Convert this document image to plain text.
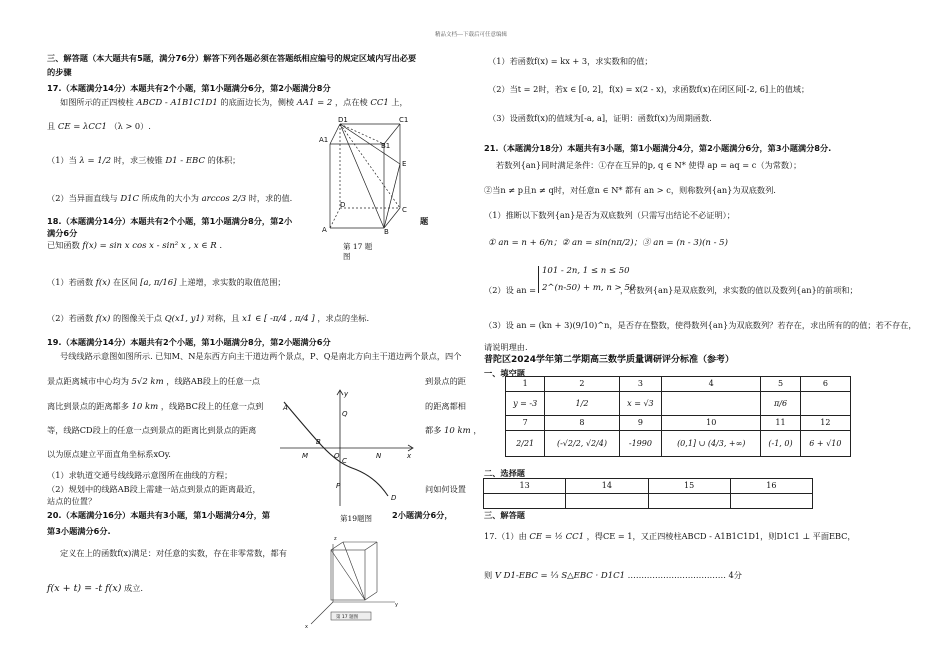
精品文档---下载后可任意编辑
三、解答题（本大题共有5题，满分76分）解答下列各题必须在答题纸相应编号的规定区域内写出必要
的步骤
17.（本题满分14分）本题共有2个小题，第1小题满分6分，第2小题满分8分
如图所示的正四棱柱 ABCD - A1B1C1D1 的底面边长为，侧棱 AA1 = 2 ，点在棱 CC1 上，
且 CE = λCC1 （λ > 0）.
（1）当 λ = 1/2 时，求三棱锥 D1 - EBC 的体积；
（2）当异面直线与 D1C 所成角的大小为 arccos 2/3 时，求的值.
18.（本题满分14分）本题共有2个小题，第1小题满分8分，第2小	题
满分6分
已知函数 f(x) = sin x cos x - sin² x , x ∈ R .
（1）若函数 f(x) 在区间 [a, π/16] 上递增，求实数的取值范围；
（2）若函数 f(x) 的图像关于点 Q(x1, y1) 对称，且 x1 ∈ [ -π/4 , π/4 ] ，求点的坐标.
19.（本题满分14分）本题共有2个小题，第1小题满分8分，第2小题满分6分
号线线路示意图如图所示. 已知M、N是东西方向主干道边两个景点，P、Q是南北方向主干道边两个景点，四个
景点距离城市中心均为 5√2 km ，线路AB段上的任意一点
离比到景点的距离都多 10 km ，线路BC段上的任意一点到
等，线路CD段上的任意一点到景点的距离比到景点的距离
以为原点建立平面直角坐标系xOy.
到景点的距
的距离都相
都多 10 km ，
（1）求轨道交通号线线路示意图所在曲线的方程；
（2）规划中的线路AB段上需建一站点到景点的距离最近，	问如何设置
站点的位置？
20.（本题满分16分）本题共有3小题，第1小题满分4分，第	2小题满分6分，
第3小题满分6分.
定义在上的函数f(x)满足：对任意的实数，存在非零常数，都有
f(x + t) = -t f(x) 成立.
D1	C1
A1
B1
E
D
C
A	B
第 17 题
图
A
B
C
D
M	O	N	x
y
Q
P
第19题图
z
y
x
第 17 题图
（1）若函数f(x) = kx + 3，求实数和的值；
（2）当t = 2时，若x ∈ [0, 2]，f(x) = x(2 - x)，求函数f(x)在闭区间[-2, 6]上的值域；
（3）设函数f(x)的值域为[-a, a]，证明：函数f(x)为周期函数.
21.（本题满分18分）本题共有3小题，第1小题满分4分，第2小题满分6分，第3小题满分8分.
若数列{an}同时满足条件：①存在互异的p, q ∈ N* 使得 ap = aq = c（为常数）；
②当n ≠ p且n ≠ q时，对任意n ∈ N* 都有 an > c，则称数列{an}为双底数列.
（1）推断以下数列{an}是否为双底数列（只需写出结论不必证明）；
① an = n + 6/n；② an = sin(nπ/2)；③ an = (n - 3)(n - 5)
（2）设 an =
101 - 2n, 1 ≤ n ≤ 50
2^(n-50) + m, n > 50
，若数列{an}是双底数列，求实数的值以及数列{an}的前项和；
（3）设 an = (kn + 3)(9/10)^n，是否存在整数，使得数列{an}为双底数列？若存在，求出所有的的值；若不存在，
请说明理由.
普陀区2024学年第二学期高三数学质量调研评分标准（参考）
一、填空题
1	2	3	4	5	6
y = -3	1/2	x = √3		π/6	
7	8	9	10	11	12
2/21	(-√2/2, √2/4)	-1990	(0,1] ∪ (4/3, +∞)	(-1, 0)	6 + √10
二、选择题
13	14	15	16

三、解答题
17.（1）由 CE = ½ CC1 ，得CE = 1，又正四棱柱ABCD - A1B1C1D1，则D1C1 ⊥ 平面EBC，
则 V D1-EBC = ⅓ S△EBC · D1C1 ……………………………… 4分
